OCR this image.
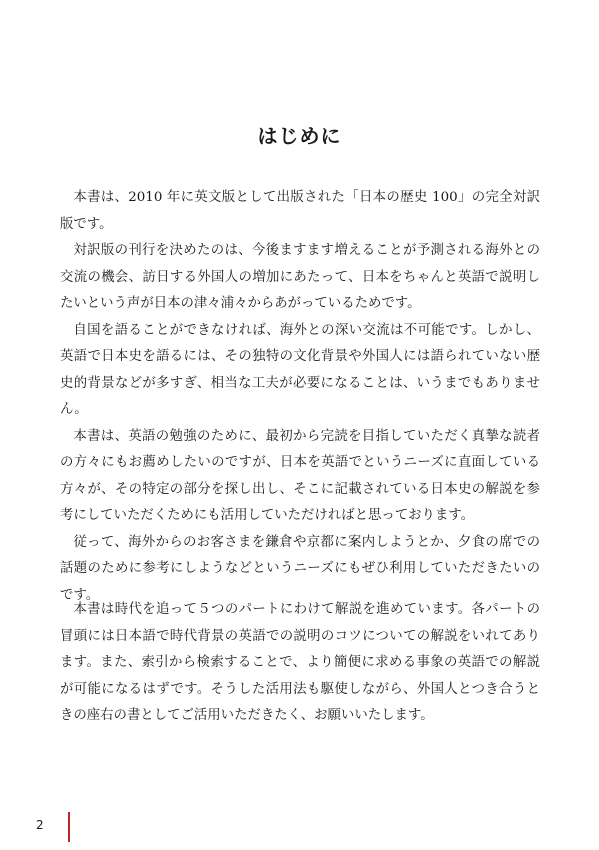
はじめに

本書は、2010 年に英文版として出版された「日本の歴史 100」の完全対訳版です。

対訳版の刊行を決めたのは、今後ますます増えることが予測される海外との交流の機会、訪日する外国人の増加にあたって、日本をちゃんと英語で説明したいという声が日本の津々浦々からあがっているためです。

自国を語ることができなければ、海外との深い交流は不可能です。しかし、英語で日本史を語るには、その独特の文化背景や外国人には語られていない歴史的背景などが多すぎ、相当な工夫が必要になることは、いうまでもありません。

本書は、英語の勉強のために、最初から完読を目指していただく真摯な読者の方々にもお薦めしたいのですが、日本を英語でというニーズに直面している方々が、その特定の部分を探し出し、そこに記載されている日本史の解説を参考にしていただくためにも活用していただければと思っております。

従って、海外からのお客さまを鎌倉や京都に案内しようとか、夕食の席での話題のために参考にしようなどというニーズにもぜひ利用していただきたいのです。

本書は時代を追って５つのパートにわけて解説を進めています。各パートの冒頭には日本語で時代背景の英語での説明のコツについての解説をいれてあります。また、索引から検索することで、より簡便に求める事象の英語での解説が可能になるはずです。そうした活用法も駆使しながら、外国人とつき合うときの座右の書としてご活用いただきたく、お願いいたします。

2
